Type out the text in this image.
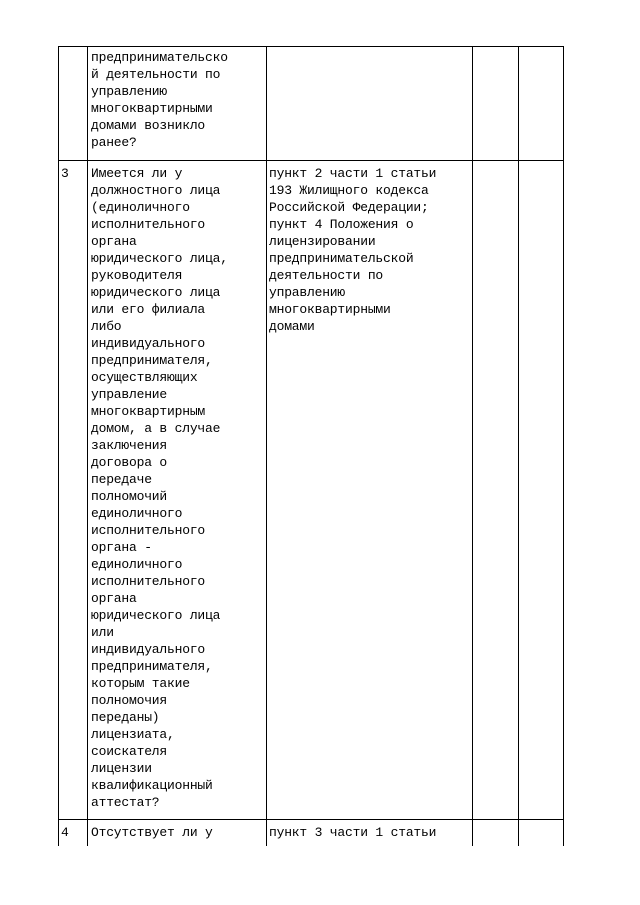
предпринимательско
й деятельности по
управлению
многоквартирными
домами возникло
ранее?
3 Имеется ли у
должностного лица
(единоличного
исполнительного
органа
юридического лица,
руководителя
юридического лица
или его филиала
либо
индивидуального
предпринимателя,
осуществляющих
управление
многоквартирным
домом, а в случае
заключения
договора о
передаче
полномочий
единоличного
исполнительного
органа -
единоличного
исполнительного
органа
юридического лица
или
индивидуального
предпринимателя,
которым такие
полномочия
переданы)
лицензиата,
соискателя
лицензии
квалификационный
аттестат?
пункт 2 части 1 статьи
193 Жилищного кодекса
Российской Федерации;
пункт 4 Положения о
лицензировании
предпринимательской
деятельности по
управлению
многоквартирными
домами
4 Отсутствует ли у	пункт 3 части 1 статьи
